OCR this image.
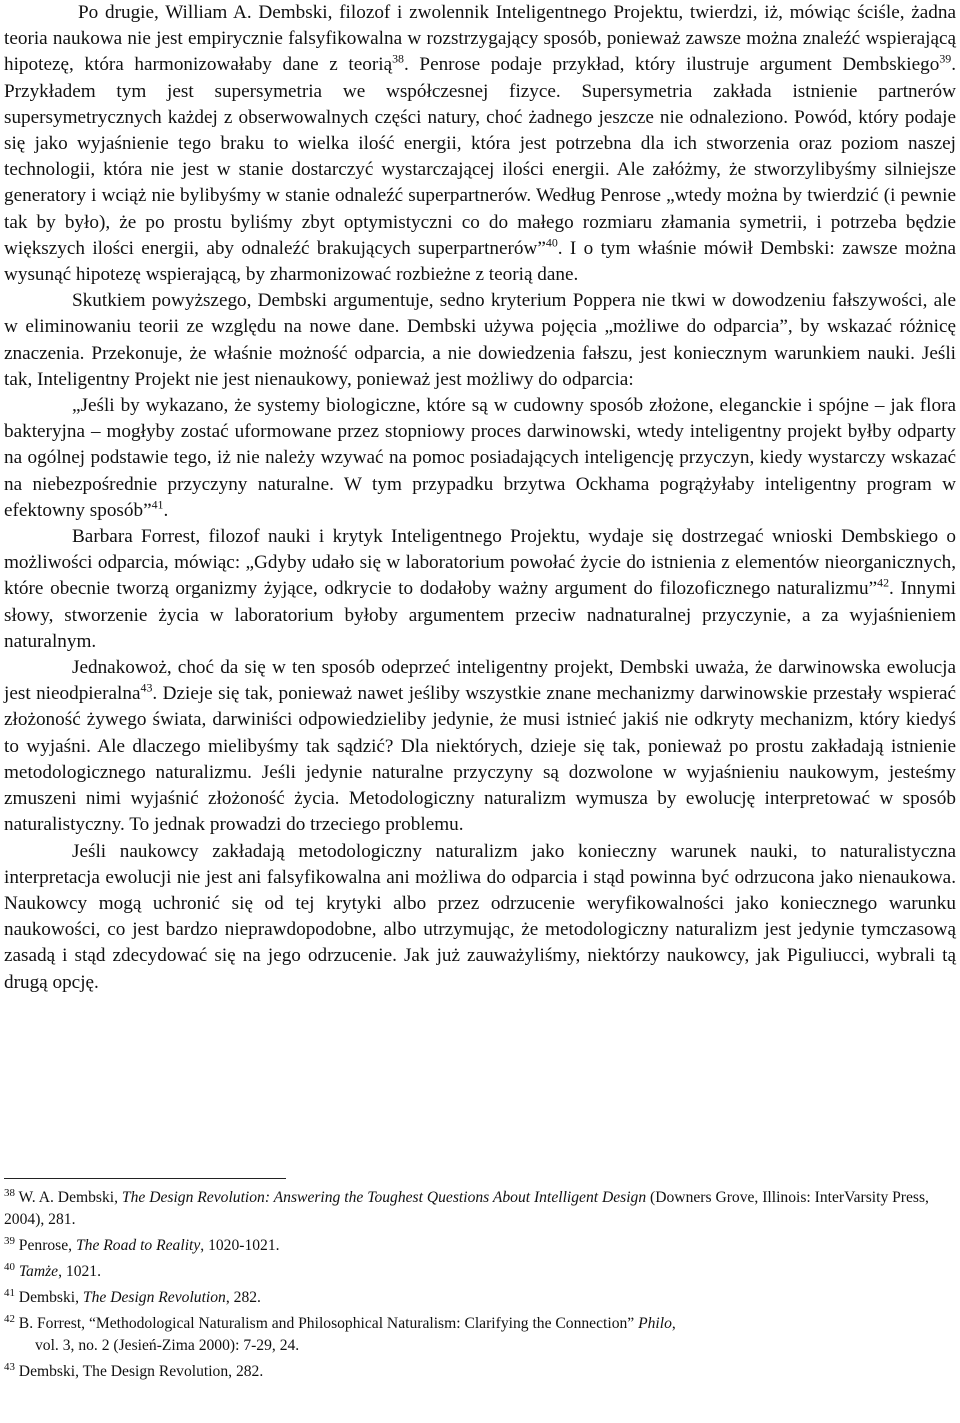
Po drugie, William A. Dembski, filozof i zwolennik Inteligentnego Projektu, twierdzi, iż, mówiąc ściśle, żadna teoria naukowa nie jest empirycznie falsyfikowalna w rozstrzygający sposób, ponieważ zawsze można znaleźć wspierającą hipotezę, która harmonizowałaby dane z teorią$^{38}$. Penrose podaje przykład, który ilustruje argument Dembskiego$^{39}$. Przykładem tym jest supersymetria we współczesnej fizyce. Supersymetria zakłada istnienie partnerów supersymetrycznych każdej z obserwowalnych części natury, choć żadnego jeszcze nie odnaleziono. Powód, który podaje się jako wyjaśnienie tego braku to wielka ilość energii, która jest potrzebna dla ich stworzenia oraz poziom naszej technologii, która nie jest w stanie dostarczyć wystarczającej ilości energii. Ale załóżmy, że stworzylibyśmy silniejsze generatory i wciąż nie bylibyśmy w stanie odnaleźć superpartnerów. Według Penrose „wtedy można by twierdzić (i pewnie tak by było), że po prostu byliśmy zbyt optymistyczni co do małego rozmiaru złamania symetrii, i potrzeba będzie większych ilości energii, aby odnaleźć brakujących superpartnerów”$^{40}$. I o tym właśnie mówił Dembski: zawsze można wysunąć hipotezę wspierającą, by zharmonizować rozbieżne z teorią dane.

Skutkiem powyższego, Dembski argumentuje, sedno kryterium Poppera nie tkwi w dowodzeniu fałszywości, ale w eliminowaniu teorii ze względu na nowe dane. Dembski używa pojęcia „możliwe do odparcia”, by wskazać różnicę znaczenia. Przekonuje, że właśnie możność odparcia, a nie dowiedzenia fałszu, jest koniecznym warunkiem nauki. Jeśli tak, Inteligentny Projekt nie jest nienaukowy, ponieważ jest możliwy do odparcia:

„Jeśli by wykazano, że systemy biologiczne, które są w cudowny sposób złożone, eleganckie i spójne – jak flora bakteryjna – mogłyby zostać uformowane przez stopniowy proces darwinowski, wtedy inteligentny projekt byłby odparty na ogólnej podstawie tego, iż nie należy wzywać na pomoc posiadających inteligencję przyczyn, kiedy wystarczy wskazać na niebezpośrednie przyczyny naturalne. W tym przypadku brzytwa Ockhama pogrążyłaby inteligentny program w efektowny sposób”$^{41}$.

Barbara Forrest, filozof nauki i krytyk Inteligentnego Projektu, wydaje się dostrzegać wnioski Dembskiego o możliwości odparcia, mówiąc: „Gdyby udało się w laboratorium powołać życie do istnienia z elementów nieorganicznych, które obecnie tworzą organizmy żyjące, odkrycie to dodałoby ważny argument do filozoficznego naturalizmu”$^{42}$. Innymi słowy, stworzenie życia w laboratorium byłoby argumentem przeciw nadnaturalnej przyczynie, a za wyjaśnieniem naturalnym.

Jednakowoż, choć da się w ten sposób odeprzeć inteligentny projekt, Dembski uważa, że darwinowska ewolucja jest nieodpieralna$^{43}$. Dzieje się tak, ponieważ nawet jeśliby wszystkie znane mechanizmy darwinowskie przestały wspierać złożoność żywego świata, darwiniści odpowiedzieliby jedynie, że musi istnieć jakiś nie odkryty mechanizm, który kiedyś to wyjaśni. Ale dlaczego mielibyśmy tak sądzić? Dla niektórych, dzieje się tak, ponieważ po prostu zakładają istnienie metodologicznego naturalizmu. Jeśli jedynie naturalne przyczyny są dozwolone w wyjaśnieniu naukowym, jesteśmy zmuszeni nimi wyjaśnić złożoność życia. Metodologiczny naturalizm wymusza by ewolucję interpretować w sposób naturalistyczny. To jednak prowadzi do trzeciego problemu.

Jeśli naukowcy zakładają metodologiczny naturalizm jako konieczny warunek nauki, to naturalistyczna interpretacja ewolucji nie jest ani falsyfikowalna ani możliwa do odparcia i stąd powinna być odrzucona jako nienaukowa. Naukowcy mogą uchronić się od tej krytyki albo przez odrzucenie weryfikowalności jako koniecznego warunku naukowości, co jest bardzo nieprawdopodobne, albo utrzymując, że metodologiczny naturalizm jest jedynie tymczasową zasadą i stąd zdecydować się na jego odrzucenie. Jak już zauważyliśmy, niektórzy naukowcy, jak Piguliucci, wybrali tą drugą opcję.

$^{38}$ W. A. Dembski, The Design Revolution: Answering the Toughest Questions About Intelligent Design (Downers Grove, Illinois: InterVarsity Press, 2004), 281.
$^{39}$ Penrose, The Road to Reality, 1020-1021.
$^{40}$ Tamże, 1021.
$^{41}$ Dembski, The Design Revolution, 282.
$^{42}$ B. Forrest, “Methodological Naturalism and Philosophical Naturalism: Clarifying the Connection” Philo,
vol. 3, no. 2 (Jesień-Zima 2000): 7-29, 24.
$^{43}$ Dembski, The Design Revolution, 282.
